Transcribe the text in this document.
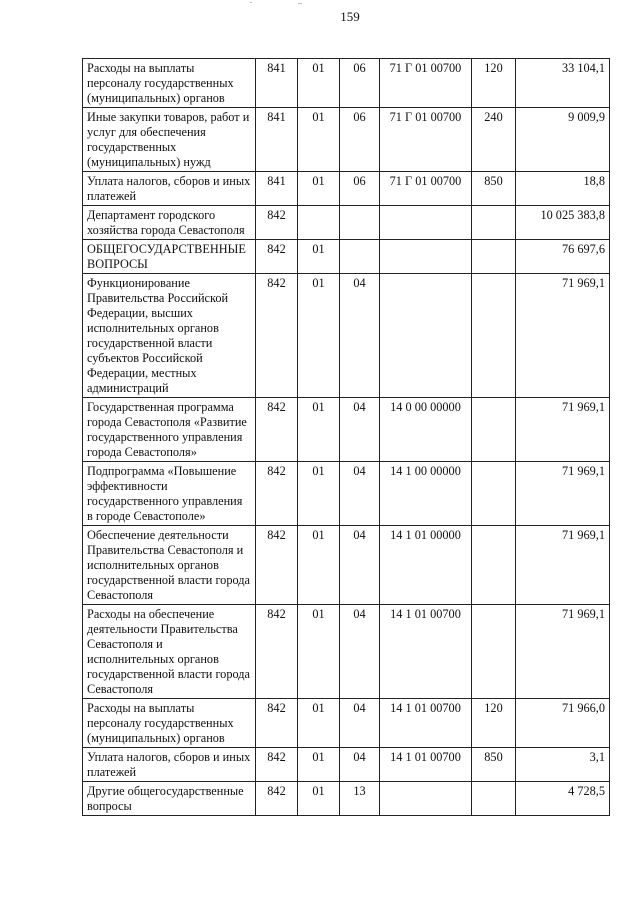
159
Расходы на выплаты персоналу государственных (муниципальных) органов	841	01	06	71 Г 01 00700	120	33 104,1
Иные закупки товаров, работ и услуг для обеспечения государственных (муниципальных) нужд	841	01	06	71 Г 01 00700	240	9 009,9
Уплата налогов, сборов и иных платежей	841	01	06	71 Г 01 00700	850	18,8
Департамент городского хозяйства города Севастополя	842					10 025 383,8
ОБЩЕГОСУДАРСТВЕННЫЕ ВОПРОСЫ	842	01				76 697,6
Функционирование Правительства Российской Федерации, высших исполнительных органов государственной власти субъектов Российской Федерации, местных администраций	842	01	04			71 969,1
Государственная программа города Севастополя «Развитие государственного управления города Севастополя»	842	01	04	14 0 00 00000		71 969,1
Подпрограмма «Повышение эффективности государственного управления в городе Севастополе»	842	01	04	14 1 00 00000		71 969,1
Обеспечение деятельности Правительства Севастополя и исполнительных органов государственной власти города Севастополя	842	01	04	14 1 01 00000		71 969,1
Расходы на обеспечение деятельности Правительства Севастополя и исполнительных органов государственной власти города Севастополя	842	01	04	14 1 01 00700		71 969,1
Расходы на выплаты персоналу государственных (муниципальных) органов	842	01	04	14 1 01 00700	120	71 966,0
Уплата налогов, сборов и иных платежей	842	01	04	14 1 01 00700	850	3,1
Другие общегосударственные вопросы	842	01	13			4 728,5
